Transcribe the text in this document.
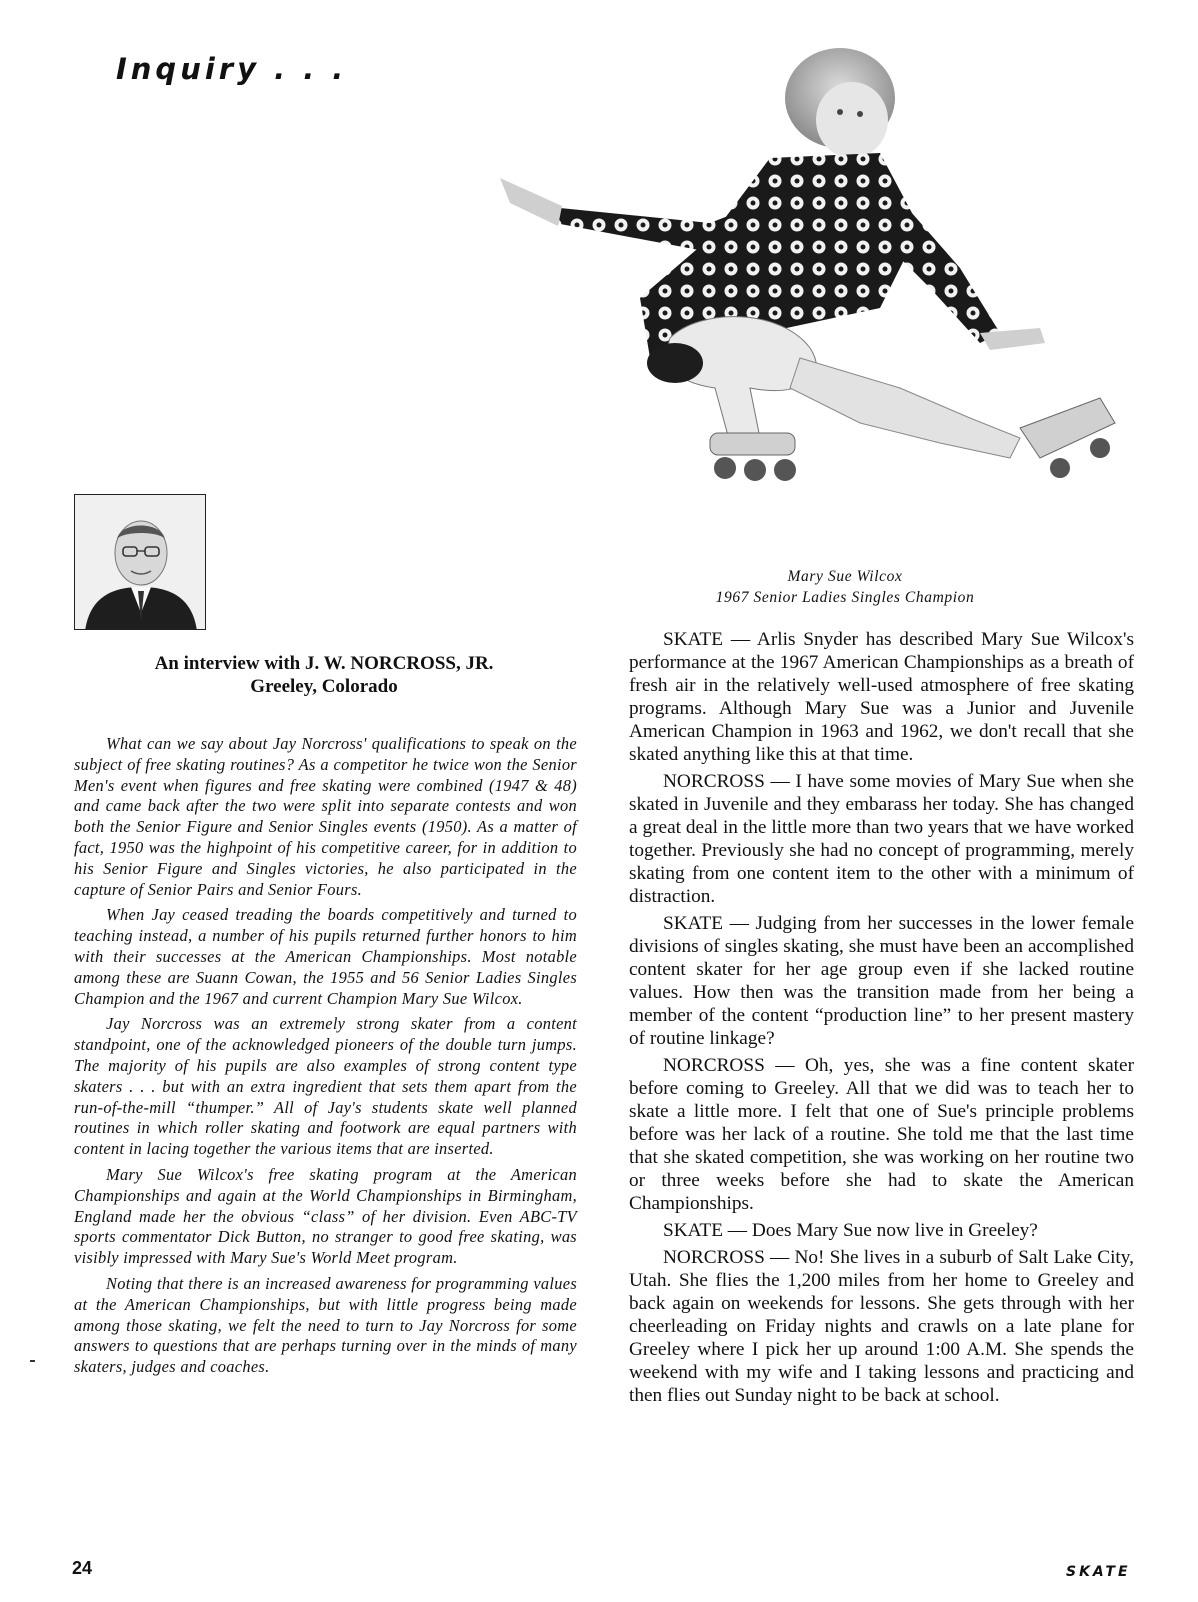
Inquiry . . .
Mary Sue Wilcox
1967 Senior Ladies Singles Champion
An interview with J. W. NORCROSS, JR.
Greeley, Colorado

What can we say about Jay Norcross' qualifications to speak on the subject of free skating routines? As a competitor he twice won the Senior Men's event when figures and free skating were combined (1947 & 48) and came back after the two were split into separate contests and won both the Senior Figure and Senior Singles events (1950). As a matter of fact, 1950 was the highpoint of his competitive career, for in addition to his Senior Figure and Singles victories, he also participated in the capture of Senior Pairs and Senior Fours.

When Jay ceased treading the boards competitively and turned to teaching instead, a number of his pupils returned further honors to him with their successes at the American Championships. Most notable among these are Suann Cowan, the 1955 and 56 Senior Ladies Singles Champion and the 1967 and current Champion Mary Sue Wilcox.

Jay Norcross was an extremely strong skater from a content standpoint, one of the acknowledged pioneers of the double turn jumps. The majority of his pupils are also examples of strong content type skaters . . . but with an extra ingredient that sets them apart from the run-of-the-mill “thumper.” All of Jay's students skate well planned routines in which roller skating and footwork are equal partners with content in lacing together the various items that are inserted.

Mary Sue Wilcox's free skating program at the American Championships and again at the World Championships in Birmingham, England made her the obvious “class” of her division. Even ABC-TV sports commentator Dick Button, no stranger to good free skating, was visibly impressed with Mary Sue's World Meet program.

Noting that there is an increased awareness for programming values at the American Championships, but with little progress being made among those skating, we felt the need to turn to Jay Norcross for some answers to questions that are perhaps turning over in the minds of many skaters, judges and coaches.

SKATE — Arlis Snyder has described Mary Sue Wilcox's performance at the 1967 American Championships as a breath of fresh air in the relatively well-used atmosphere of free skating programs. Although Mary Sue was a Junior and Juvenile American Champion in 1963 and 1962, we don't recall that she skated anything like this at that time.

NORCROSS — I have some movies of Mary Sue when she skated in Juvenile and they embarass her today. She has changed a great deal in the little more than two years that we have worked together. Previously she had no concept of programming, merely skating from one content item to the other with a minimum of distraction.

SKATE — Judging from her successes in the lower female divisions of singles skating, she must have been an accomplished content skater for her age group even if she lacked routine values. How then was the transition made from her being a member of the content “production line” to her present mastery of routine linkage?

NORCROSS — Oh, yes, she was a fine content skater before coming to Greeley. All that we did was to teach her to skate a little more. I felt that one of Sue's principle problems before was her lack of a routine. She told me that the last time that she skated competition, she was working on her routine two or three weeks before she had to skate the American Championships.

SKATE — Does Mary Sue now live in Greeley?

NORCROSS — No! She lives in a suburb of Salt Lake City, Utah. She flies the 1,200 miles from her home to Greeley and back again on weekends for lessons. She gets through with her cheerleading on Friday nights and crawls on a late plane for Greeley where I pick her up around 1:00 A.M. She spends the weekend with my wife and I taking lessons and practicing and then flies out Sunday night to be back at school.

24	SKATE
